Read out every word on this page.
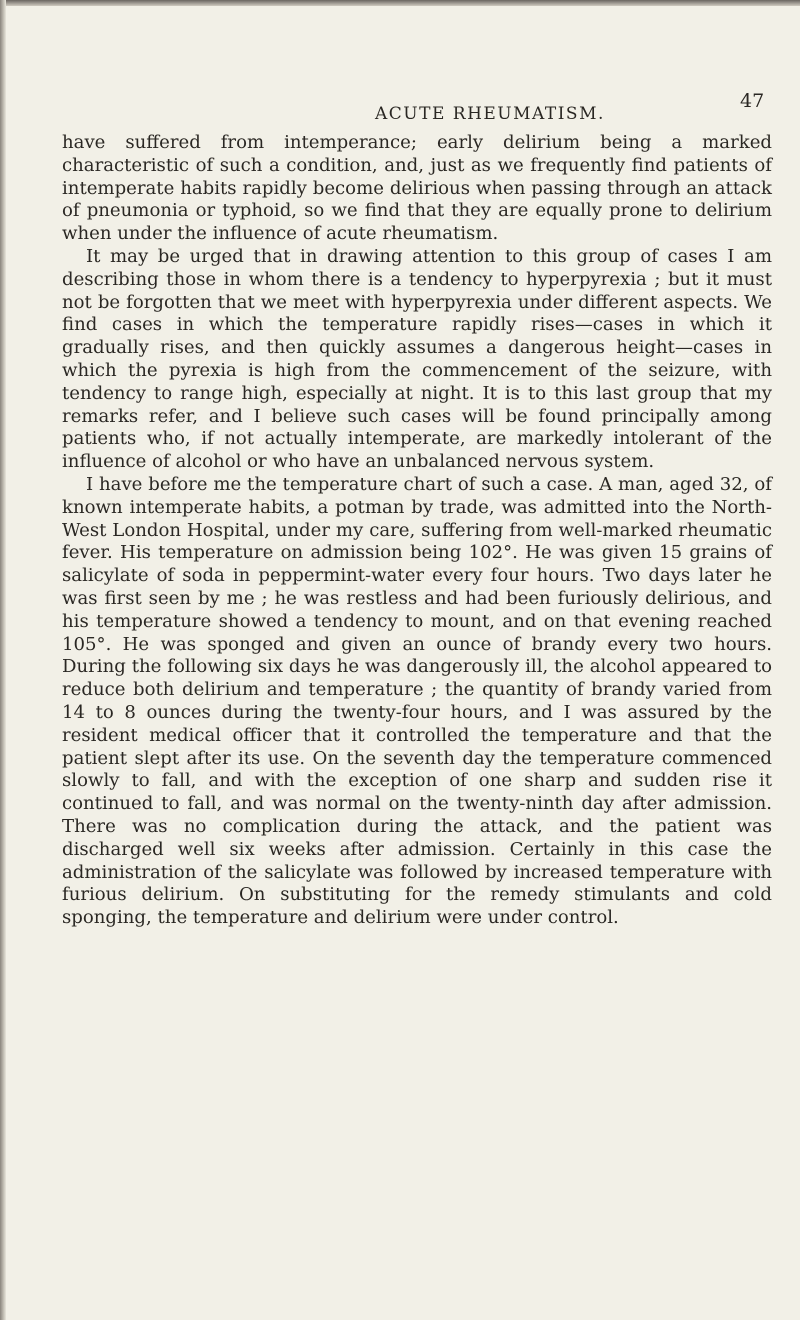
ACUTE RHEUMATISM.
47

have suffered from intemperance; early delirium being a marked characteristic of such a condition, and, just as we frequently find patients of intemperate habits rapidly become delirious when passing through an attack of pneumonia or typhoid, so we find that they are equally prone to delirium when under the influence of acute rheumatism.

It may be urged that in drawing attention to this group of cases I am describing those in whom there is a tendency to hyperpyrexia ; but it must not be forgotten that we meet with hyperpyrexia under different aspects. We find cases in which the temperature rapidly rises—cases in which it gradually rises, and then quickly assumes a dangerous height—cases in which the pyrexia is high from the commencement of the seizure, with tendency to range high, especially at night. It is to this last group that my remarks refer, and I believe such cases will be found principally among patients who, if not actually intemperate, are markedly intolerant of the influence of alcohol or who have an unbalanced nervous system.

I have before me the temperature chart of such a case. A man, aged 32, of known intemperate habits, a potman by trade, was admitted into the North-West London Hospital, under my care, suffering from well-marked rheumatic fever. His temperature on admission being 102°. He was given 15 grains of salicylate of soda in peppermint-water every four hours. Two days later he was first seen by me ; he was restless and had been furiously delirious, and his temperature showed a tendency to mount, and on that evening reached 105°. He was sponged and given an ounce of brandy every two hours. During the following six days he was dangerously ill, the alcohol appeared to reduce both delirium and temperature ; the quantity of brandy varied from 14 to 8 ounces during the twenty-four hours, and I was assured by the resident medical officer that it controlled the temperature and that the patient slept after its use. On the seventh day the temperature commenced slowly to fall, and with the exception of one sharp and sudden rise it continued to fall, and was normal on the twenty-ninth day after admission. There was no complication during the attack, and the patient was discharged well six weeks after admission. Certainly in this case the administration of the salicylate was followed by increased temperature with furious delirium. On substituting for the remedy stimulants and cold sponging, the temperature and delirium were under control.
